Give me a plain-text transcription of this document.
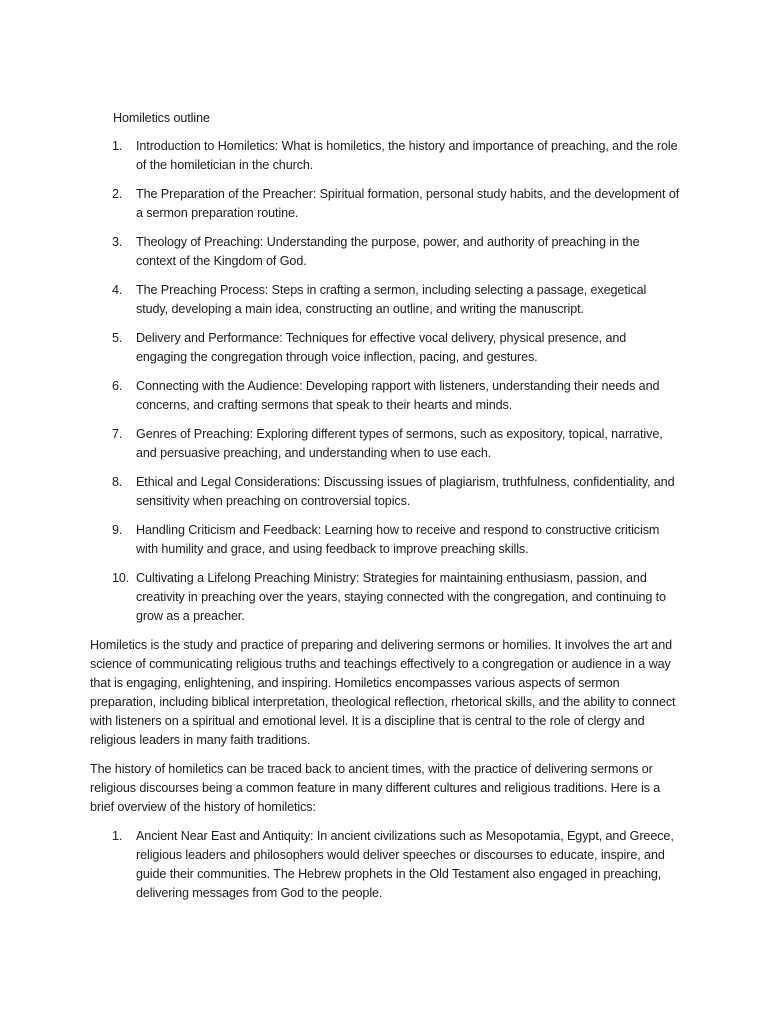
Homiletics outline
1.	Introduction to Homiletics: What is homiletics, the history and importance of preaching, and the role of the homiletician in the church.
2.	The Preparation of the Preacher: Spiritual formation, personal study habits, and the development of a sermon preparation routine.
3.	Theology of Preaching: Understanding the purpose, power, and authority of preaching in the context of the Kingdom of God.
4.	The Preaching Process: Steps in crafting a sermon, including selecting a passage, exegetical study, developing a main idea, constructing an outline, and writing the manuscript.
5.	Delivery and Performance: Techniques for effective vocal delivery, physical presence, and engaging the congregation through voice inflection, pacing, and gestures.
6.	Connecting with the Audience: Developing rapport with listeners, understanding their needs and concerns, and crafting sermons that speak to their hearts and minds.
7.	Genres of Preaching: Exploring different types of sermons, such as expository, topical, narrative, and persuasive preaching, and understanding when to use each.
8.	Ethical and Legal Considerations: Discussing issues of plagiarism, truthfulness, confidentiality, and sensitivity when preaching on controversial topics.
9.	Handling Criticism and Feedback: Learning how to receive and respond to constructive criticism with humility and grace, and using feedback to improve preaching skills.
10. Cultivating a Lifelong Preaching Ministry: Strategies for maintaining enthusiasm, passion, and creativity in preaching over the years, staying connected with the congregation, and continuing to grow as a preacher.

Homiletics is the study and practice of preparing and delivering sermons or homilies. It involves the art and science of communicating religious truths and teachings effectively to a congregation or audience in a way that is engaging, enlightening, and inspiring. Homiletics encompasses various aspects of sermon preparation, including biblical interpretation, theological reflection, rhetorical skills, and the ability to connect with listeners on a spiritual and emotional level. It is a discipline that is central to the role of clergy and religious leaders in many faith traditions.

The history of homiletics can be traced back to ancient times, with the practice of delivering sermons or religious discourses being a common feature in many different cultures and religious traditions. Here is a brief overview of the history of homiletics:

1.	Ancient Near East and Antiquity: In ancient civilizations such as Mesopotamia, Egypt, and Greece, religious leaders and philosophers would deliver speeches or discourses to educate, inspire, and guide their communities. The Hebrew prophets in the Old Testament also engaged in preaching, delivering messages from God to the people.
